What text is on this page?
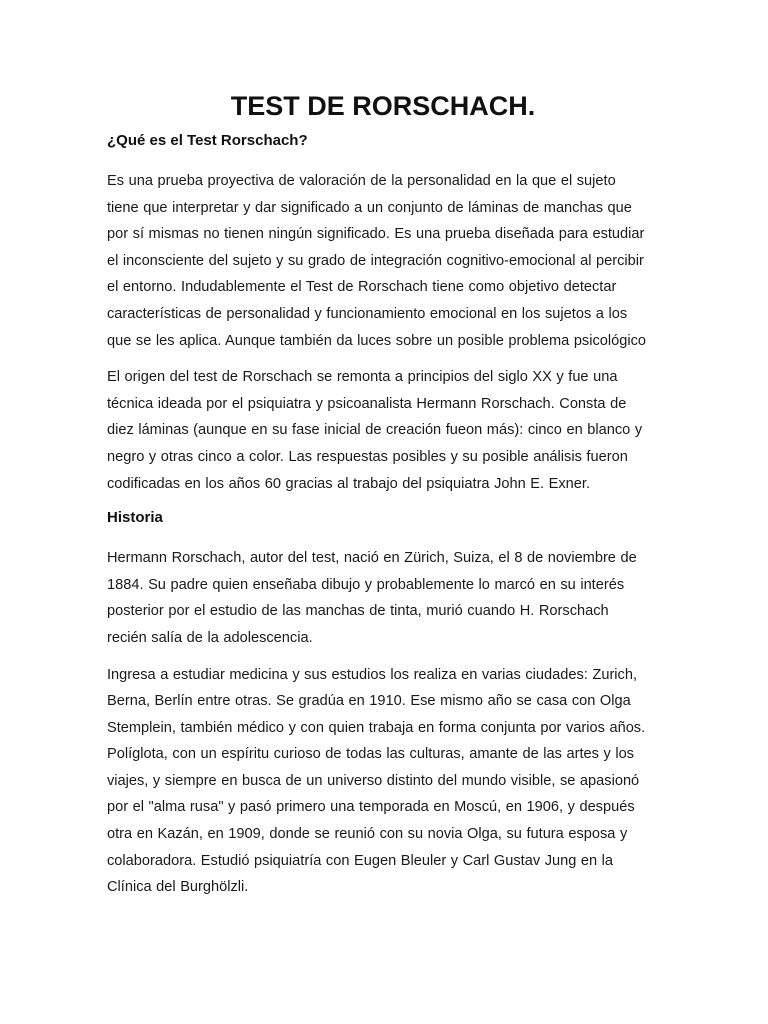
TEST DE RORSCHACH.
¿Qué es el Test Rorschach?

Es una prueba proyectiva de valoración de la personalidad en la que el sujeto
tiene que interpretar y dar significado a un conjunto de láminas de manchas que
por sí mismas no tienen ningún significado. Es una prueba diseñada para estudiar
el inconsciente del sujeto y su grado de integración cognitivo-emocional al percibir
el entorno. Indudablemente el Test de Rorschach tiene como objetivo detectar
características de personalidad y funcionamiento emocional en los sujetos a los
que se les aplica. Aunque también da luces sobre un posible problema psicológico

El origen del test de Rorschach se remonta a principios del siglo XX y fue una
técnica ideada por el psiquiatra y psicoanalista Hermann Rorschach. Consta de
diez láminas (aunque en su fase inicial de creación fueon más): cinco en blanco y
negro y otras cinco a color. Las respuestas posibles y su posible análisis fueron
codificadas en los años 60 gracias al trabajo del psiquiatra John E. Exner.

Historia

Hermann Rorschach, autor del test, nació en Zürich, Suiza, el 8 de noviembre de
1884. Su padre quien enseñaba dibujo y probablemente lo marcó en su interés
posterior por el estudio de las manchas de tinta, murió cuando H. Rorschach
recién salía de la adolescencia.

Ingresa a estudiar medicina y sus estudios los realiza en varias ciudades: Zurich,
Berna, Berlín entre otras. Se gradúa en 1910. Ese mismo año se casa con Olga
Stemplein, también médico y con quien trabaja en forma conjunta por varios años.
Políglota, con un espíritu curioso de todas las culturas, amante de las artes y los
viajes, y siempre en busca de un universo distinto del mundo visible, se apasionó
por el "alma rusa" y pasó primero una temporada en Moscú, en 1906, y después
otra en Kazán, en 1909, donde se reunió con su novia Olga, su futura esposa y
colaboradora. Estudió psiquiatría con Eugen Bleuler y Carl Gustav Jung en la
Clínica del Burghölzli.
